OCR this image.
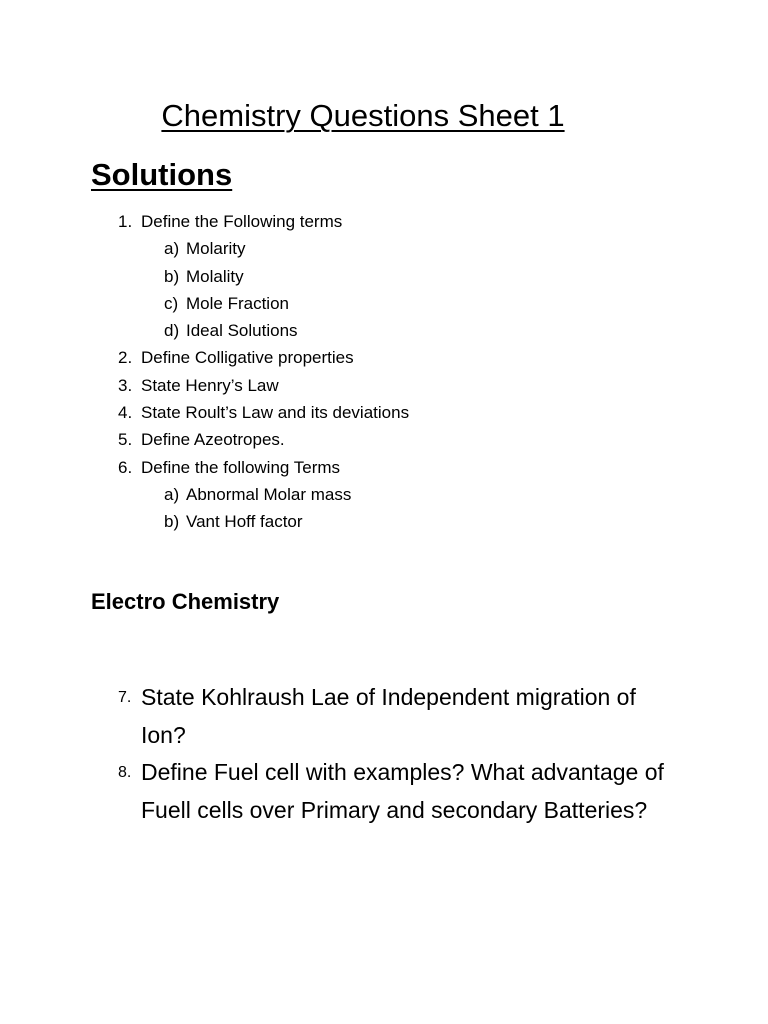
Chemistry Questions Sheet 1
Solutions
1. Define the Following terms
a) Molarity
b) Molality
c) Mole Fraction
d) Ideal Solutions
2. Define Colligative properties
3. State Henry’s Law
4. State Roult’s Law and its deviations
5. Define Azeotropes.
6. Define the following Terms
a) Abnormal Molar mass
b) Vant Hoff factor
Electro Chemistry
7. State Kohlraush Lae of Independent migration of Ion?
8. Define Fuel cell with examples? What advantage of Fuell cells over Primary and secondary Batteries?
